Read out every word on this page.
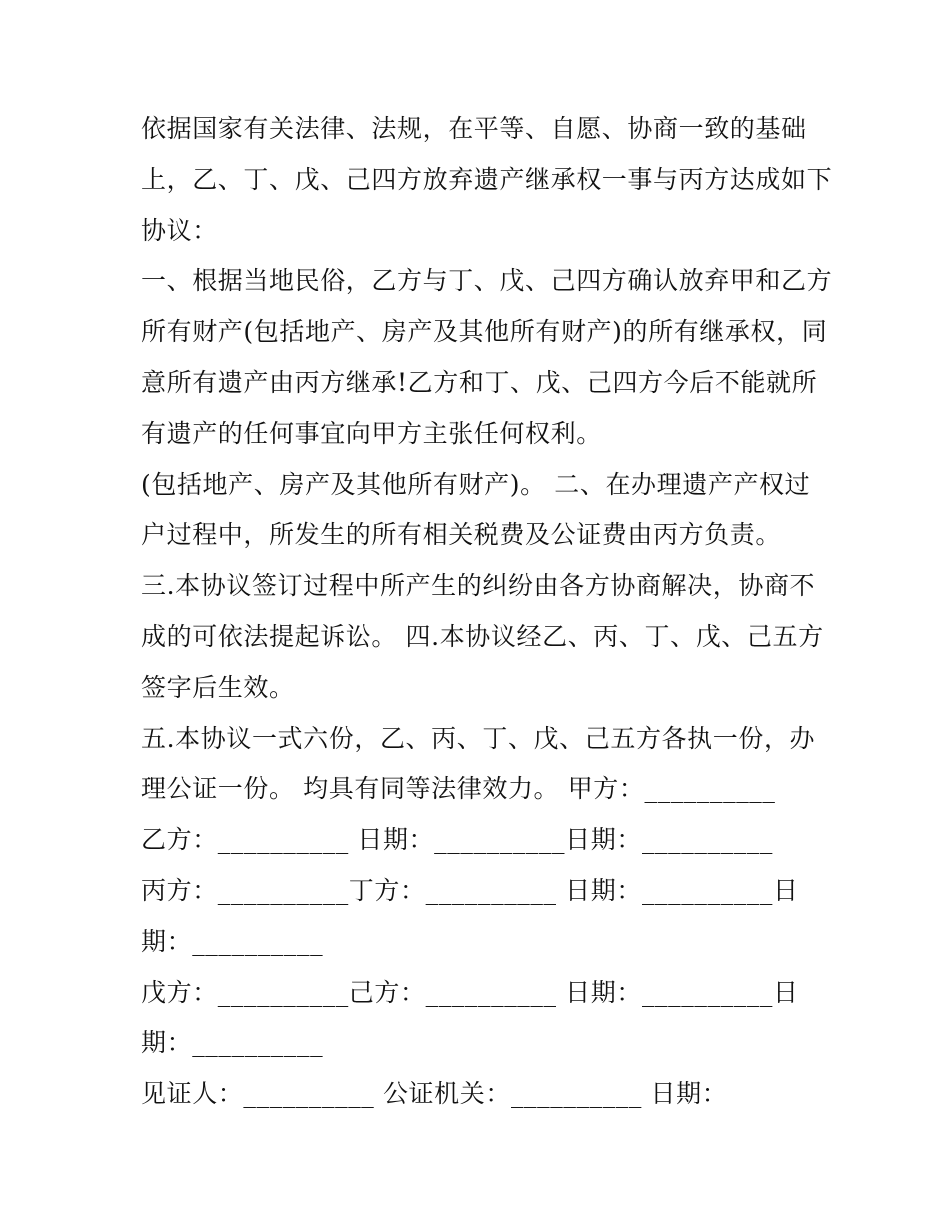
依据国家有关法律、法规，在平等、自愿、协商一致的基础
上，乙、丁、戊、己四方放弃遗产继承权一事与丙方达成如下
协议：
一、根据当地民俗，乙方与丁、戊、己四方确认放弃甲和乙方
所有财产(包括地产、房产及其他所有财产)的所有继承权，同
意所有遗产由丙方继承!乙方和丁、戊、己四方今后不能就所
有遗产的任何事宜向甲方主张任何权利。
(包括地产、房产及其他所有财产)。 二、在办理遗产产权过
户过程中，所发生的所有相关税费及公证费由丙方负责。
三.本协议签订过程中所产生的纠纷由各方协商解决，协商不
成的可依法提起诉讼。 四.本协议经乙、丙、丁、戊、己五方
签字后生效。
五.本协议一式六份，乙、丙、丁、戊、己五方各执一份，办
理公证一份。 均具有同等法律效力。 甲方：__________
乙方：__________ 日期：__________日期：__________
丙方：__________丁方：__________ 日期：__________日
期：__________
戊方：__________己方：__________ 日期：__________日
期：__________
见证人：__________ 公证机关：__________ 日期：
